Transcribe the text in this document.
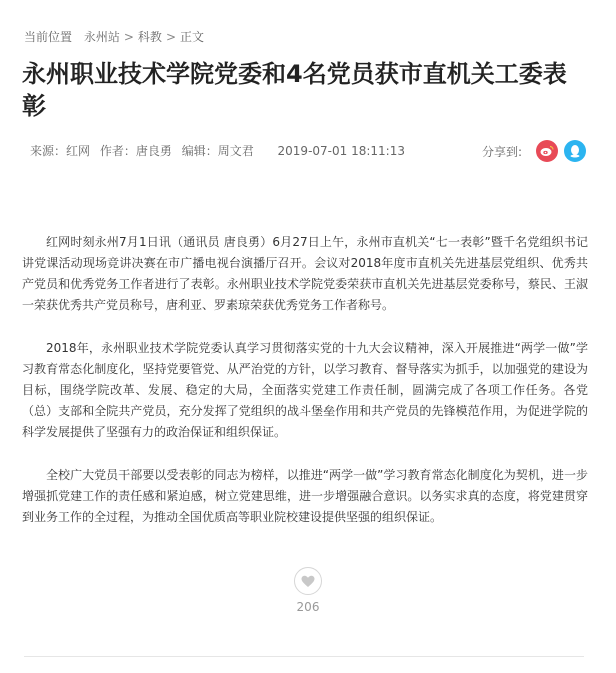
当前位置 永州站 > 科教 > 正文
永州职业技术学院党委和4名党员获市直机关工委表彰
来源：红网 作者：唐良勇 编辑：周文君 2019-07-01 18:11:13	分享到:

红网时刻永州7月1日讯（通讯员 唐良勇）6月27日上午，永州市直机关“七一表彰”暨千名党组织书记讲党课活动现场竞讲决赛在市广播电视台演播厅召开。会议对2018年度市直机关先进基层党组织、优秀共产党员和优秀党务工作者进行了表彰。永州职业技术学院党委荣获市直机关先进基层党委称号，蔡民、王淑一荣获优秀共产党员称号，唐利亚、罗素琼荣获优秀党务工作者称号。

2018年，永州职业技术学院党委认真学习贯彻落实党的十九大会议精神，深入开展推进“两学一做”学习教育常态化制度化，坚持党要管党、从严治党的方针，以学习教育、督导落实为抓手，以加强党的建设为目标，围绕学院改革、发展、稳定的大局，全面落实党建工作责任制，圆满完成了各项工作任务。各党（总）支部和全院共产党员，充分发挥了党组织的战斗堡垒作用和共产党员的先锋模范作用，为促进学院的科学发展提供了坚强有力的政治保证和组织保证。

全校广大党员干部要以受表彰的同志为榜样，以推进“两学一做”学习教育常态化制度化为契机，进一步增强抓党建工作的责任感和紧迫感，树立党建思维，进一步增强融合意识。以务实求真的态度，将党建贯穿到业务工作的全过程，为推动全国优质高等职业院校建设提供坚强的组织保证。

206
